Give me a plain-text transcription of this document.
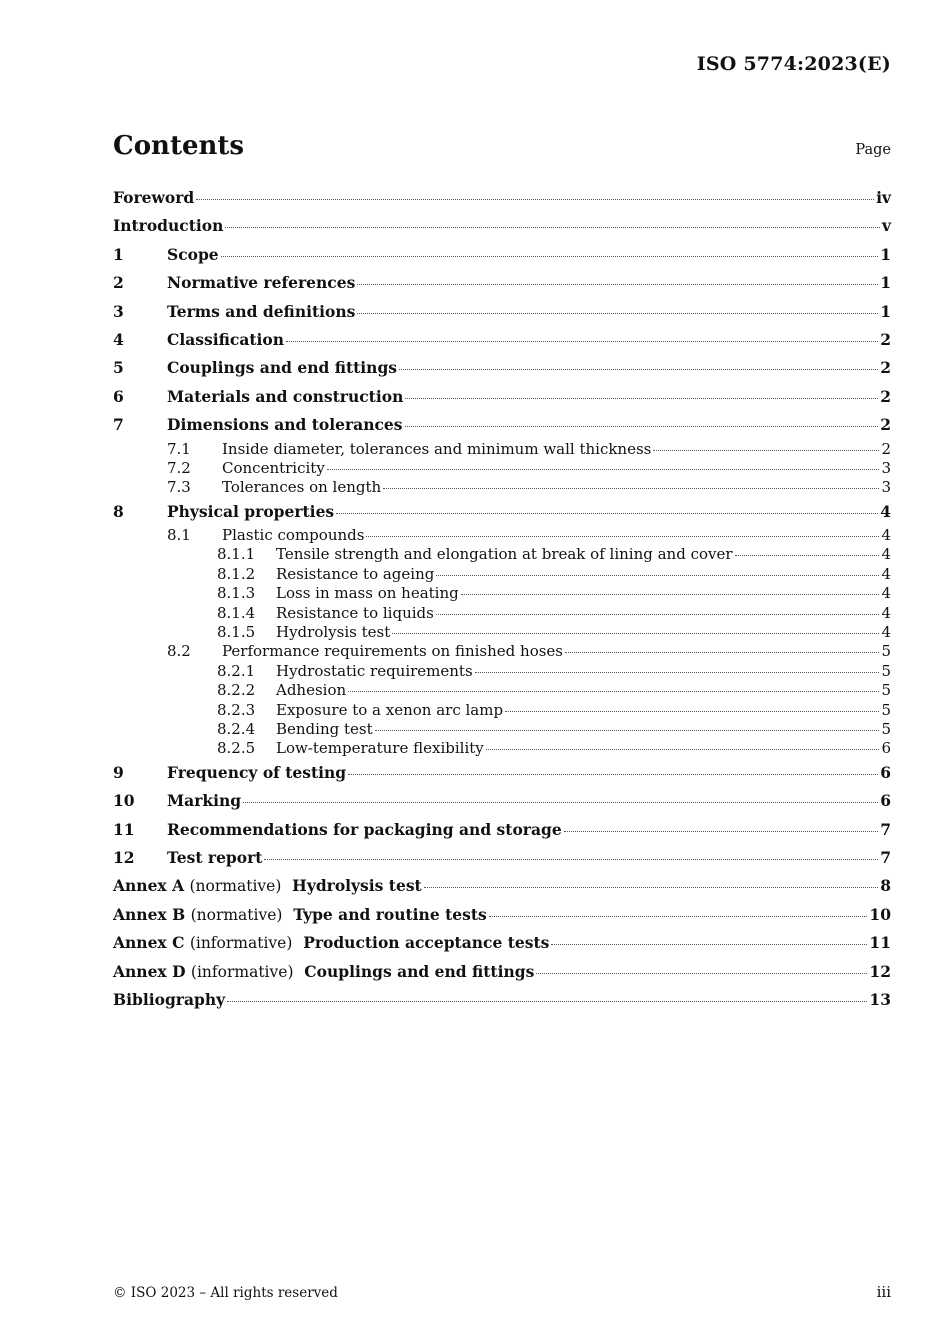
ISO 5774:2023(E)
Contents	Page
Foreword	iv
Introduction	v
1	Scope	1
2	Normative references	1
3	Terms and definitions	1
4	Classification	2
5	Couplings and end fittings	2
6	Materials and construction	2
7	Dimensions and tolerances	2
7.1	Inside diameter, tolerances and minimum wall thickness	2
7.2	Concentricity	3
7.3	Tolerances on length	3
8	Physical properties	4
8.1	Plastic compounds	4
8.1.1	Tensile strength and elongation at break of lining and cover	4
8.1.2	Resistance to ageing	4
8.1.3	Loss in mass on heating	4
8.1.4	Resistance to liquids	4
8.1.5	Hydrolysis test	4
8.2	Performance requirements on finished hoses	5
8.2.1	Hydrostatic requirements	5
8.2.2	Adhesion	5
8.2.3	Exposure to a xenon arc lamp	5
8.2.4	Bending test	5
8.2.5	Low-temperature flexibility	6
9	Frequency of testing	6
10	Marking	6
11	Recommendations for packaging and storage	7
12	Test report	7
Annex A (normative) Hydrolysis test	8
Annex B (normative) Type and routine tests	10
Annex C (informative) Production acceptance tests	11
Annex D (informative) Couplings and end fittings	12
Bibliography	13
© ISO 2023 – All rights reserved	iii
